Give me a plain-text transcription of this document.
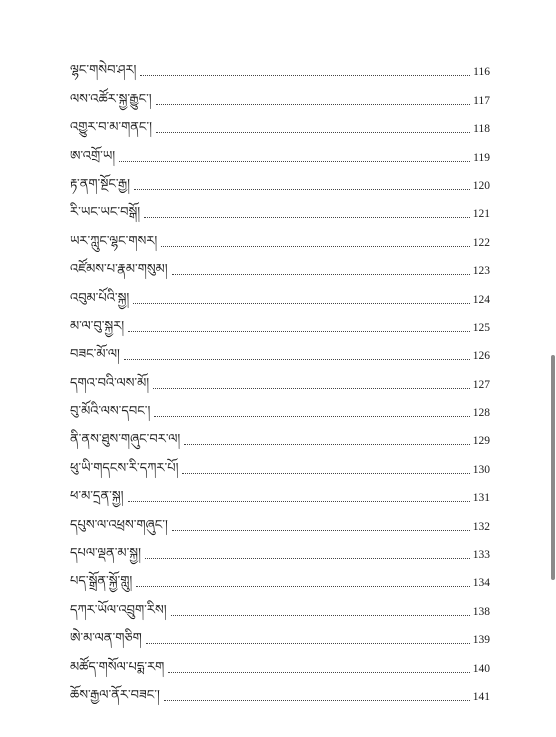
ལྷང་གསེབ་ཤར།	116
ལས་འཚོར་སྐྱ་རྒྱུང་།	117
འགྱུར་བ་མ་གནང་།	118
ཨ་འགྲོ་ཡ།	119
རྟ་ནག་སྔོང་རྒྱ།	120
རི་ཡང་ཡང་བསྒོ།	121
ཡར་ཀླུང་ལྷང་གསར།	122
འཛོམས་པ་རྣམ་གསུམ།	123
འབུམ་པོའི་སྐྱ།	124
མ་ལ་བུ་སྐྱར།	125
བཟང་མོ་ལ།	126
དགའ་བའི་ལས་མོ།	127
བུ་མོའི་ལས་དབང་།	128
ནི་ནས་ཐུས་གཞུང་བར་ལ།	129
ཕུ་ཡི་གདངས་རི་དཀར་པོ།	130
ཕ་མ་དྲན་སྐྱ།	131
དཔུས་ལ་འཕྲས་གཞུང་།	132
དཔལ་ལྡན་མ་སྐྱ།	133
པད་སྒྲོན་སྐྱོ་གླུ།	134
དཀར་ཡོལ་འབྲུག་རིས།	138
ཨེ་མ་ལན་གཅིག	139
མཚོད་གསོལ་པདྨ་རག	140
ཆོས་རྒྱལ་ནོར་བཟང་།	141
